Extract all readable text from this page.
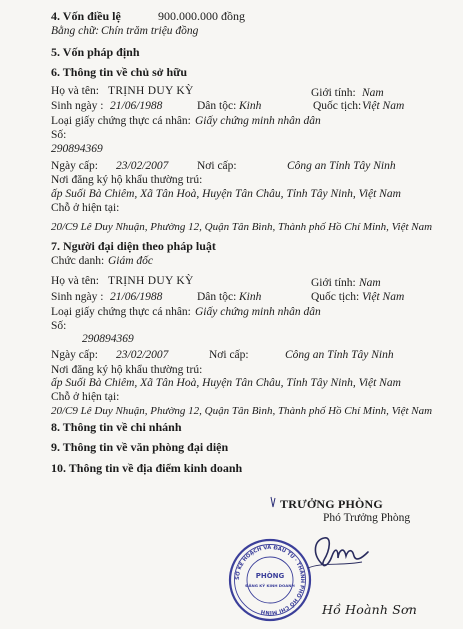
4. Vốn điều lệ	900.000.000 đồng
Bằng chữ: Chín trăm triệu đồng
5. Vốn pháp định
6. Thông tin về chủ sở hữu
Họ và tên: TRỊNH DUY KỲ	Giới tính: Nam
Sinh ngày : 21/06/1988	Dân tộc: Kinh	Quốc tịch: Việt Nam
Loại giấy chứng thực cá nhân: Giấy chứng minh nhân dân
Số:
290894369
Ngày cấp: 23/02/2007 Nơi cấp:	Công an Tỉnh Tây Ninh
Nơi đăng ký hộ khẩu thường trú:
ấp Suối Bà Chiêm, Xã Tân Hoà, Huyện Tân Châu, Tỉnh Tây Ninh, Việt Nam
Chỗ ở hiện tại:
20/C9 Lê Duy Nhuận, Phường 12, Quận Tân Bình, Thành phố Hồ Chí Minh, Việt Nam
7. Người đại diện theo pháp luật
Chức danh: Giám đốc
Họ và tên: TRỊNH DUY KỲ	Giới tính: Nam
Sinh ngày : 21/06/1988	Dân tộc: Kinh	Quốc tịch: Việt Nam
Loại giấy chứng thực cá nhân: Giấy chứng minh nhân dân
Số:
290894369
Ngày cấp: 23/02/2007	Nơi cấp:	Công an Tỉnh Tây Ninh
Nơi đăng ký hộ khẩu thường trú:
ấp Suối Bà Chiêm, Xã Tân Hoà, Huyện Tân Châu, Tỉnh Tây Ninh, Việt Nam
Chỗ ở hiện tại:
20/C9 Lê Duy Nhuận, Phường 12, Quận Tân Bình, Thành phố Hồ Chí Minh, Việt Nam
8. Thông tin về chi nhánh
9. Thông tin về văn phòng đại diện
10. Thông tin về địa điểm kinh doanh
TRƯỞNG PHÒNG
Phó Trưởng Phòng
SỞ KẾ HOẠCH VÀ ĐẦU TƯ · THÀNH PHỐ HỒ CHÍ MINH
PHÒNG
ĐĂNG KÝ KINH DOANH
Hồ Hoành Sơn
